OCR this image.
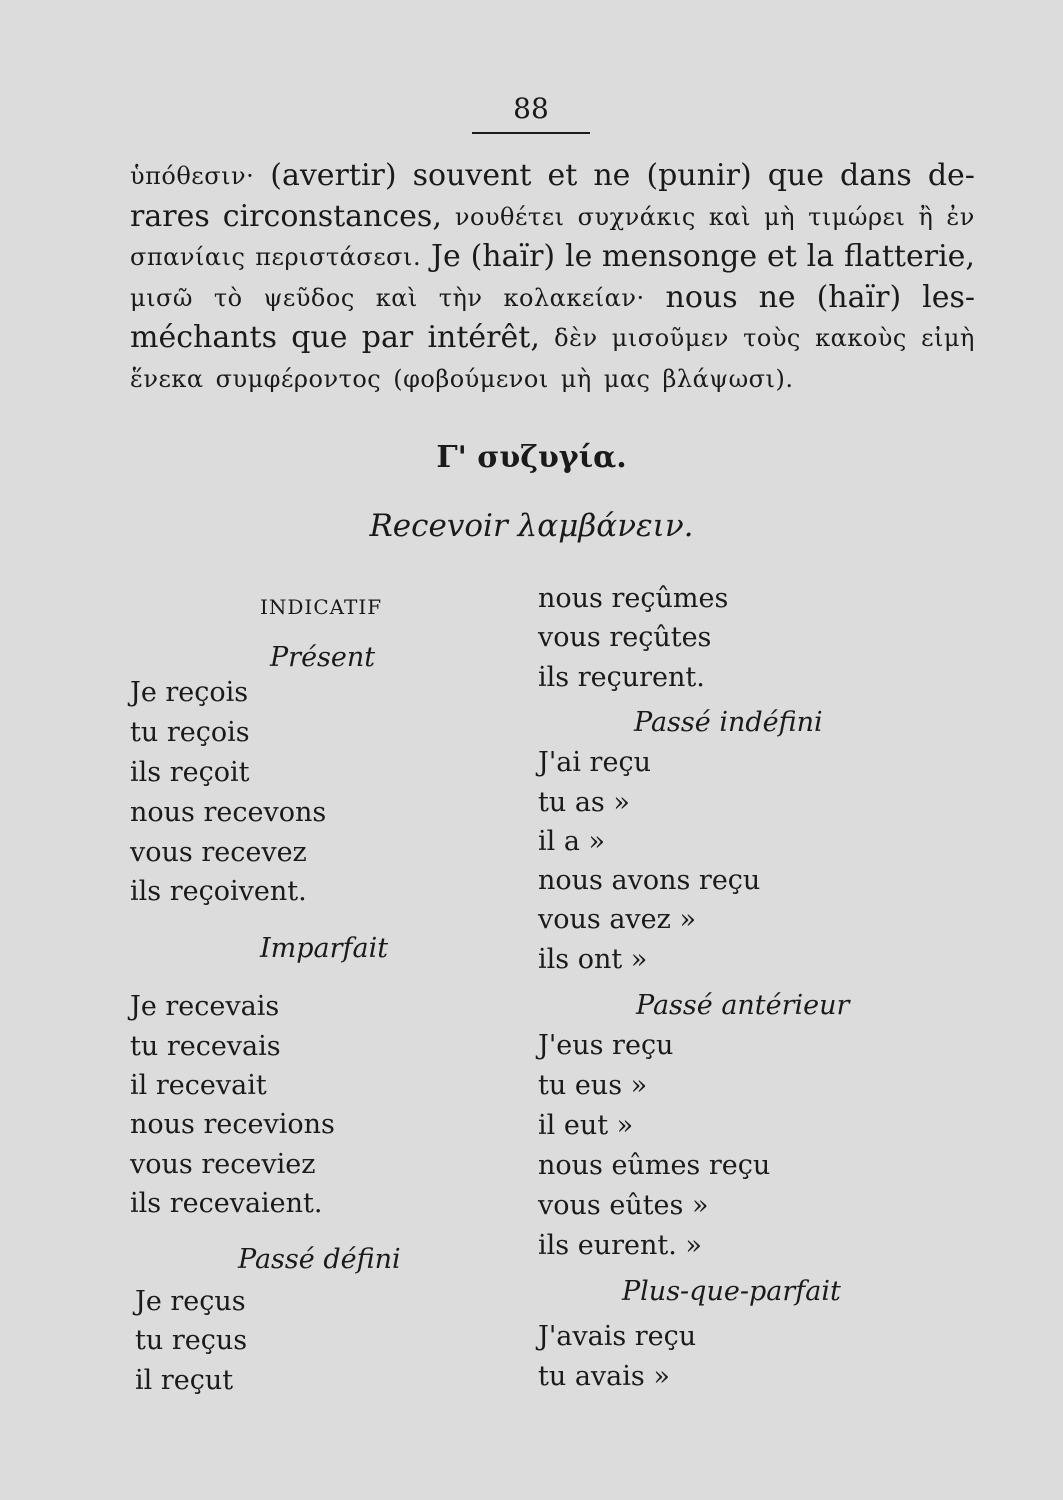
88
ὑπόθεσιν· (avertir) souvent et ne (punir) que dans de-
rares circonstances, νουθέτει συχνάκις καὶ μὴ τιμώρει ἢ ἐν
σπανίαις περιστάσεσι. Je (haïr) le mensonge et la flatterie,
μισῶ τὸ ψεῦδος καὶ τὴν κολακείαν· nous ne (haïr) les-
méchants que par intérêt, δὲν μισοῦμεν τοὺς κακοὺς εἰμὴ
ἕνεκα συμφέροντος (φοβούμενοι μὴ μας βλάψωσι).
Γ' συζυγία.
Recevoir λαμβάνειν.
INDICATIF
Présent
Je reçois
tu reçois
ils reçoit
nous recevons
vous recevez
ils reçoivent.
Imparfait
Je recevais
tu recevais
il recevait
nous recevions
vous receviez
ils recevaient.
Passé défini
Je reçus
tu reçus
il reçut
nous reçûmes
vous reçûtes
ils reçurent.
Passé indéfini
J'ai reçu
tu as »
il a »
nous avons reçu
vous avez »
ils ont »
Passé antérieur
J'eus reçu
tu eus »
il eut »
nous eûmes reçu
vous eûtes »
ils eurent. »
Plus-que-parfait
J'avais reçu
tu avais »
